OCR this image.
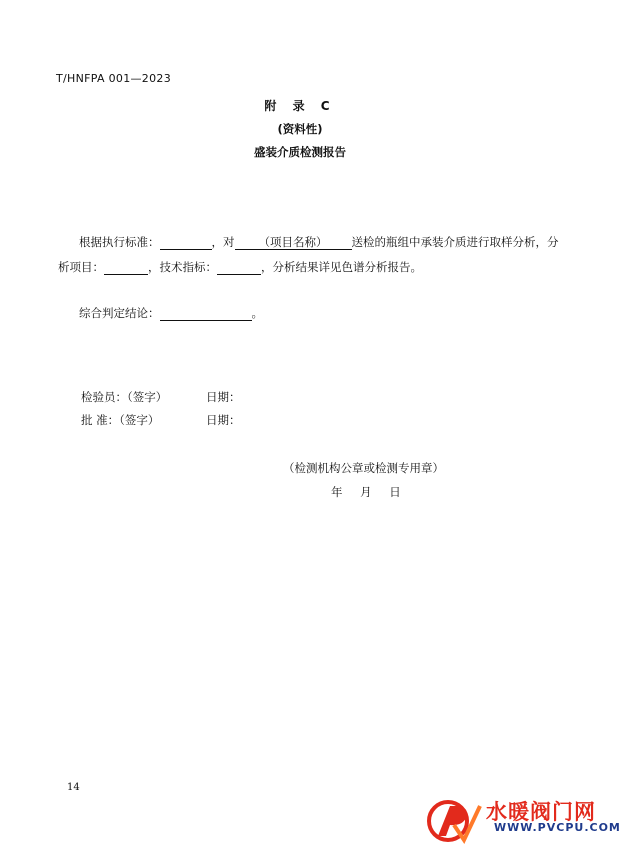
T/HNFPA 001—2023
附 录 C
(资料性)
盛装介质检测报告
根据执行标准：	，对 （项目名称） 送检的瓶组中承装介质进行取样分析，分
析项目：	，技术指标：	，分析结果详见色谱分析报告。
综合判定结论：	。
检验员：（签字）	日期：
批 准：（签字）	日期：
（检测机构公章或检测专用章）
年 月 日
14
水暖阀门网
WWW.PVCPU.COM
